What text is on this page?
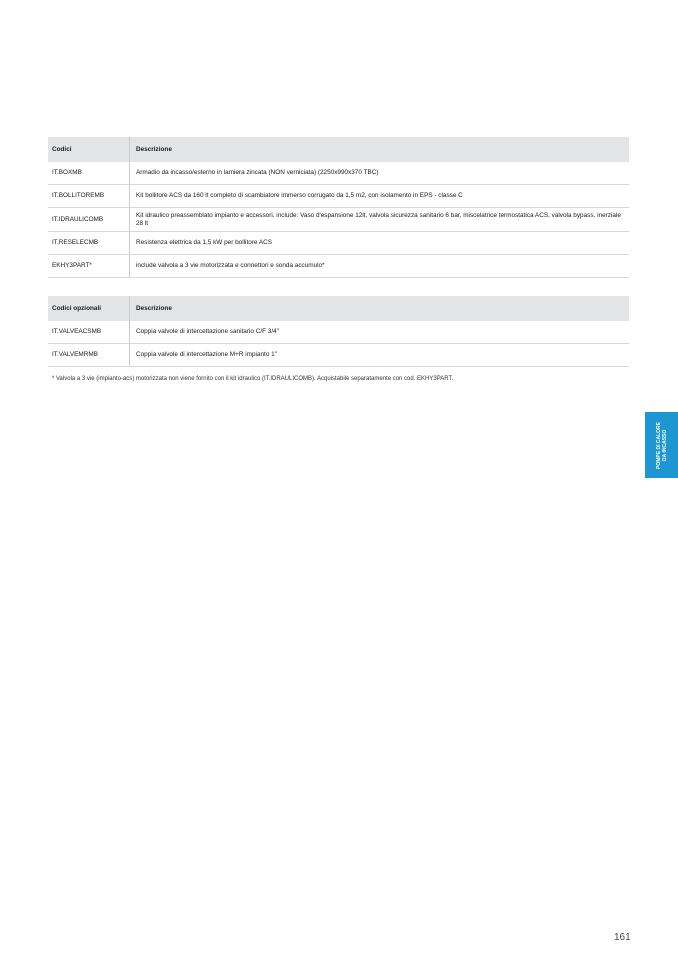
Codici	Descrizione
IT.BOXMB	Armadio da incasso/esterno in lamiera zincata (NON verniciata) (2250x990x370 TBC)
IT.BOLLITOREMB	Kit bollitore ACS da 160 lt completo di scambiatore immerso corrugato da 1,5 m2, con isolamento in EPS - classe C
IT.IDRAULICOMB	Kit idraulico preassemblato impianto e accessori, include: Vaso d'espansione 12lt, valvola sicurezza sanitario 6 bar, miscelatrice termostatica ACS, valvola bypass, inerziale 28 lt
IT.RESELECMB	Resistenza elettrica da 1,5 kW per bollitore ACS
EKHY3PART*	include valvola a 3 vie motorizzata e connettori e sonda accumulo*
Codici opzionali	Descrizione
IT.VALVEACSMB	Coppia valvole di intercettazione sanitario C/F 3/4"
IT.VALVEMRMB	Coppia valvole di intercettazione M+R impianto 1"
* Valvola a 3 vie (impianto-acs) motorizzata non viene fornito con il kit idraulico (IT.IDRAULICOMB). Acquistabile separatamente con cod. EKHY3PART.
POMPE DI CALORE
DA INCASSO
161
